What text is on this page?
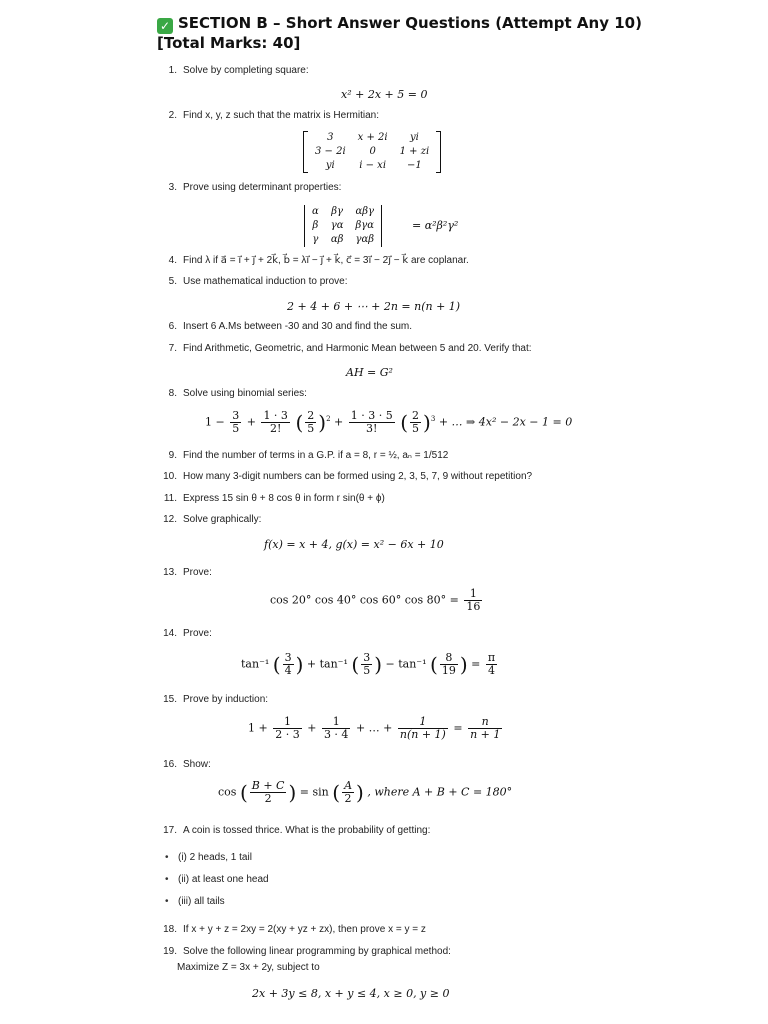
✓ SECTION B – Short Answer Questions (Attempt Any 10)
[Total Marks: 40]
1. Solve by completing square:
x² + 2x + 5 = 0
2. Find x, y, z such that the matrix is Hermitian:
3	x + 2i	yi
3 − 2i	0	1 + zi
yi	i − xi	−1
3. Prove using determinant properties:
α	βγ	αβγ
β	γα	βγα
γ	αβ	γαβ
= α²β²γ²
4. Find λ if a⃗ = i⃗ + j⃗ + 2k⃗, b⃗ = λi⃗ − j⃗ + k⃗, c⃗ = 3i⃗ − 2j⃗ − k⃗ are coplanar.
5. Use mathematical induction to prove:
2 + 4 + 6 + ⋯ + 2n = n(n + 1)
6. Insert 6 A.Ms between -30 and 30 and find the sum.
7. Find Arithmetic, Geometric, and Harmonic Mean between 5 and 20. Verify that:
AH = G²
8. Solve using binomial series:
$1 - \frac{3}{5} + \frac{1 \cdot 3}{2!}$ ( $\frac{2}{5} )^2 + \frac{1 \cdot 3 \cdot 5}{3!}$ ( $\frac{2}{5} )^3$ + … ⇒ 4x² − 2x − 1 = 0
9. Find the number of terms in a G.P. if a = 8, r = ½, aₙ = 1/512
10. How many 3-digit numbers can be formed using 2, 3, 5, 7, 9 without repetition?
11. Express 15 sin θ + 8 cos θ in form r sin(θ + ϕ)
12. Solve graphically:
f(x) = x + 4, g(x) = x² − 6x + 10
13. Prove:
cos 20° cos 40° cos 60° $\cos 80^\circ = \frac{1}{16}$
14. Prove:
tan⁻¹ ( $\frac{3}{4}$ ) + tan⁻¹ ( $\frac{3}{5}$ ) − tan⁻¹ ( $\frac{8}{19}$ ) = $\frac{\pi}{4}$
15. Prove by induction:
$1 + \frac{1}{2 \cdot 3} + \frac{1}{3 \cdot 4}$ + … + $\frac{1}{n(n + 1)} = \frac{n}{n + 1}$
16. Show:
cos ( $\frac{B + C}{2}$ ) = sin ( $\frac{A}{2}$ ) , where A + B + C = 180°
17. A coin is tossed thrice. What is the probability of getting:
• (i) 2 heads, 1 tail
• (ii) at least one head
• (iii) all tails
18. If x + y + z = 2xy = 2(xy + yz + zx), then prove x = y = z
19. Solve the following linear programming by graphical method:
Maximize Z = 3x + 2y, subject to
2x + 3y ≤ 8, x + y ≤ 4, x ≥ 0, y ≥ 0
